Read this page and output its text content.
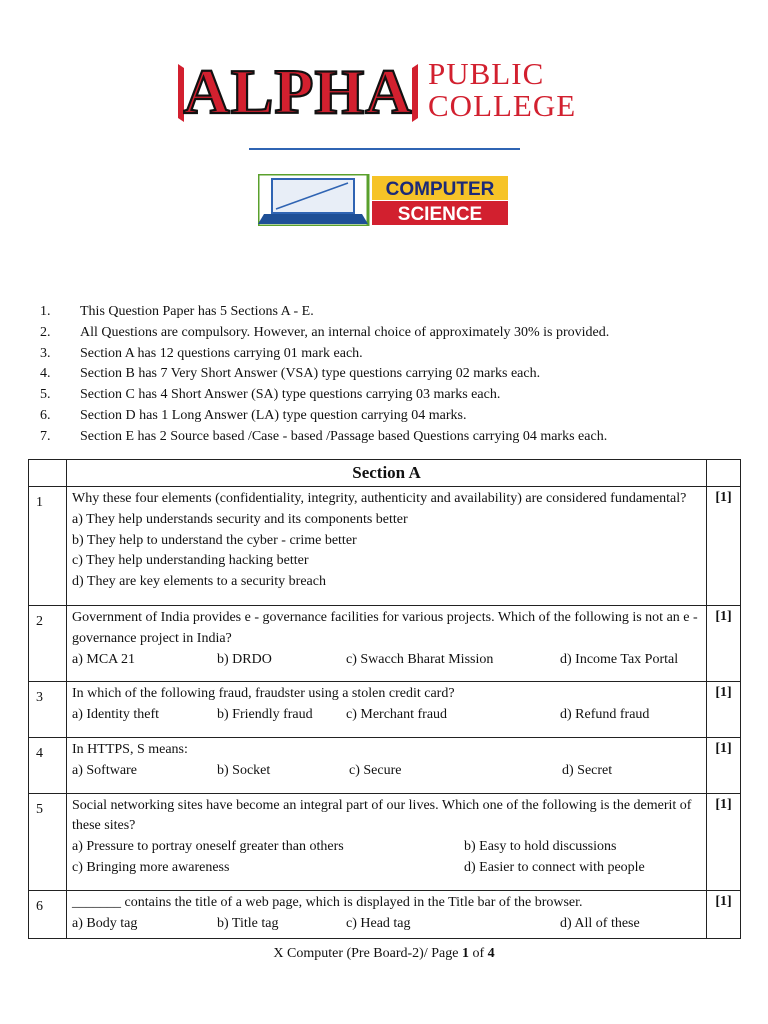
ALPHA PUBLIC
COLLEGE
COMPUTER
SCIENCE
1. This Question Paper has 5 Sections A - E.
2. All Questions are compulsory. However, an internal choice of approximately 30% is provided.
3. Section A has 12 questions carrying 01 mark each.
4. Section B has 7 Very Short Answer (VSA) type questions carrying 02 marks each.
5. Section C has 4 Short Answer (SA) type questions carrying 03 marks each.
6. Section D has 1 Long Answer (LA) type question carrying 04 marks.
7. Section E has 2 Source based /Case - based /Passage based Questions carrying 04 marks each.
	Section A	
1	Why these four elements (confidentiality, integrity, authenticity and availability) are considered fundamental?
a) They help understands security and its components better
b) They help to understand the cyber - crime better
c) They help understanding hacking better
d) They are key elements to a security breach	[1]
2	Government of India provides e - governance facilities for various projects. Which of the following is not an e - governance project in India?
a) MCA 21 b) DRDO c) Swacch Bharat Mission d) Income Tax Portal	[1]
3	In which of the following fraud, fraudster using a stolen credit card?
a) Identity theft b) Friendly fraud c) Merchant fraud d) Refund fraud	[1]
4	In HTTPS, S means:
a) Software b) Socket c) Secure d) Secret	[1]
5	Social networking sites have become an integral part of our lives. Which one of the following is the demerit of these sites?
a) Pressure to portray oneself greater than others b) Easy to hold discussions
c) Bringing more awareness d) Easier to connect with people	[1]
6	_______ contains the title of a web page, which is displayed in the Title bar of the browser.
a) Body tag b) Title tag c) Head tag d) All of these	[1]
X Computer (Pre Board-2)/ Page 1 of 4
